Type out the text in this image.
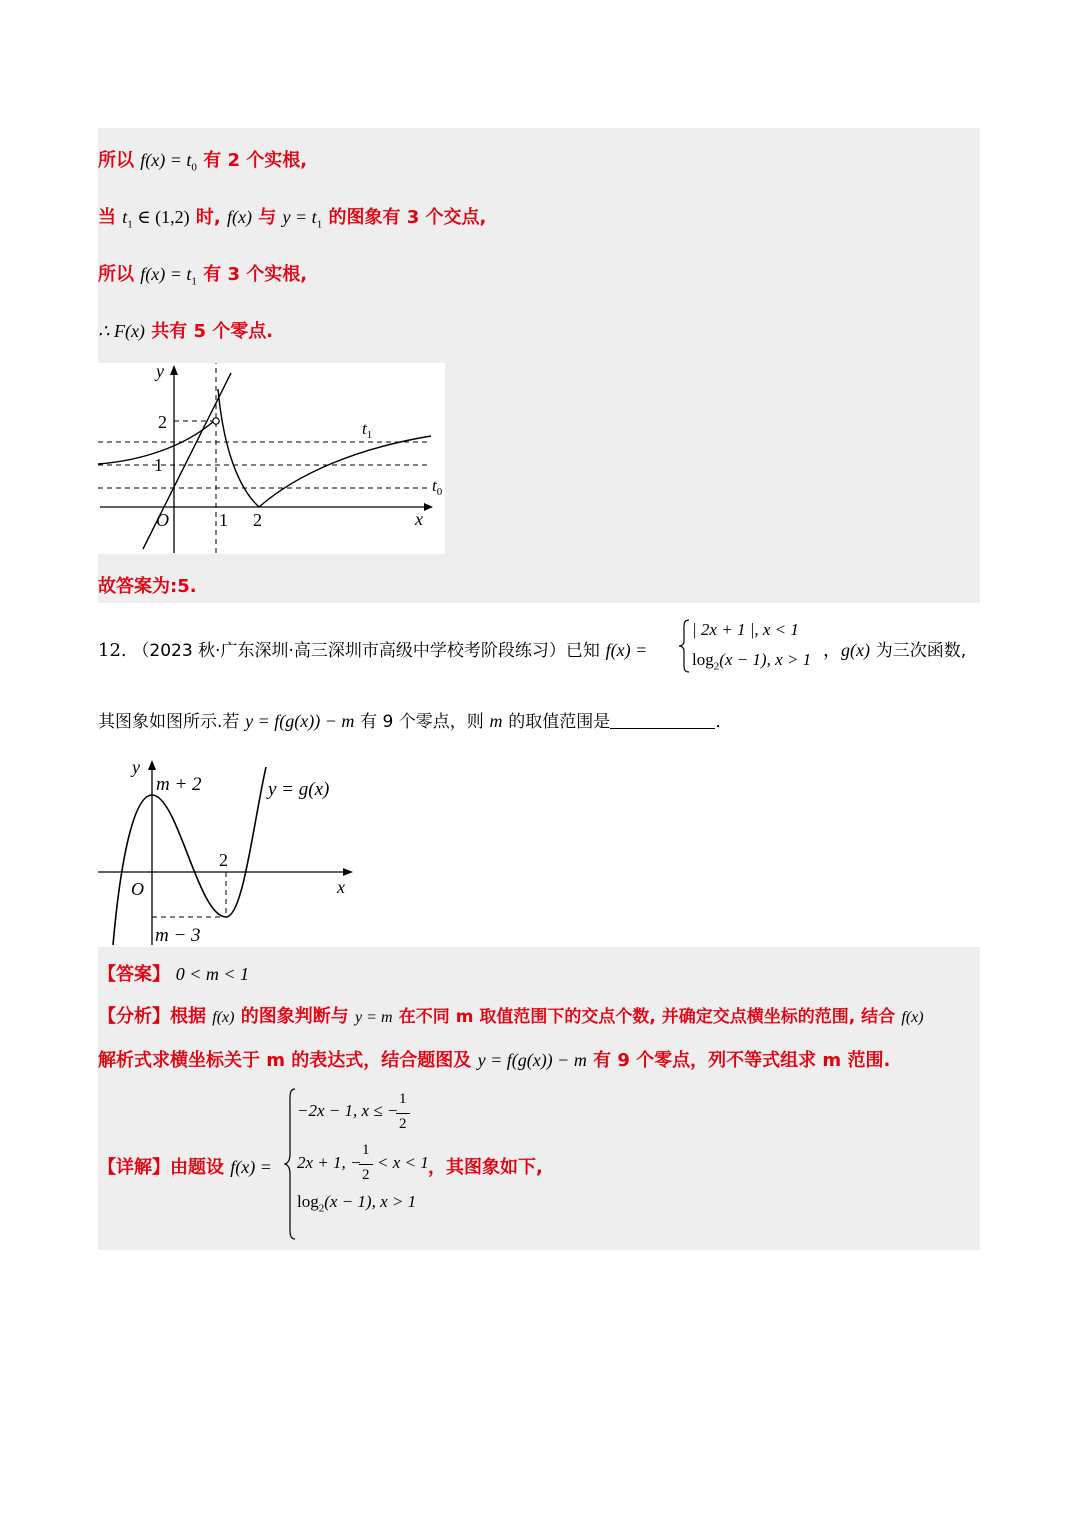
所以 $f(x) = t_0$ 有 2 个实根,
当 $t_1$ ∈ (1,2) 时, f(x) 与 $y = t_1$ 的图象有 3 个交点,
所以 $f(x) = t_1$ 有 3 个实根,
∴ F(x) 共有 5 个零点.
y
x
O	1 2
2
1
$t_1$
$t_0$
故答案为:5.
12. （2023 秋·广东深圳·高三深圳市高级中学校考阶段练习）已知 f(x) =
| 2x + 1 |, x < 1
$\log_2(x - 1)$, x > 1 ，g(x) 为三次函数,
其图象如图所示.若 y = f(g(x)) − m 有 9 个零点，则 m 的取值范围是	.
y
x
O
m + 2	y = g(x)
2
m − 3
【答案】 0 < m < 1
【分析】根据 f(x) 的图象判断与 y = m 在不同 m 取值范围下的交点个数, 并确定交点横坐标的范围, 结合 f(x)
解析式求横坐标关于 m 的表达式，结合题图及 y = f(g(x)) − m 有 9 个零点，列不等式组求 m 范围.
【详解】由题设 f(x) =
−2x − 1, x ≤ −
1
2
2x + 1, −
1
2
< x < 1
$\log_2(x - 1)$, x > 1
，其图象如下,
